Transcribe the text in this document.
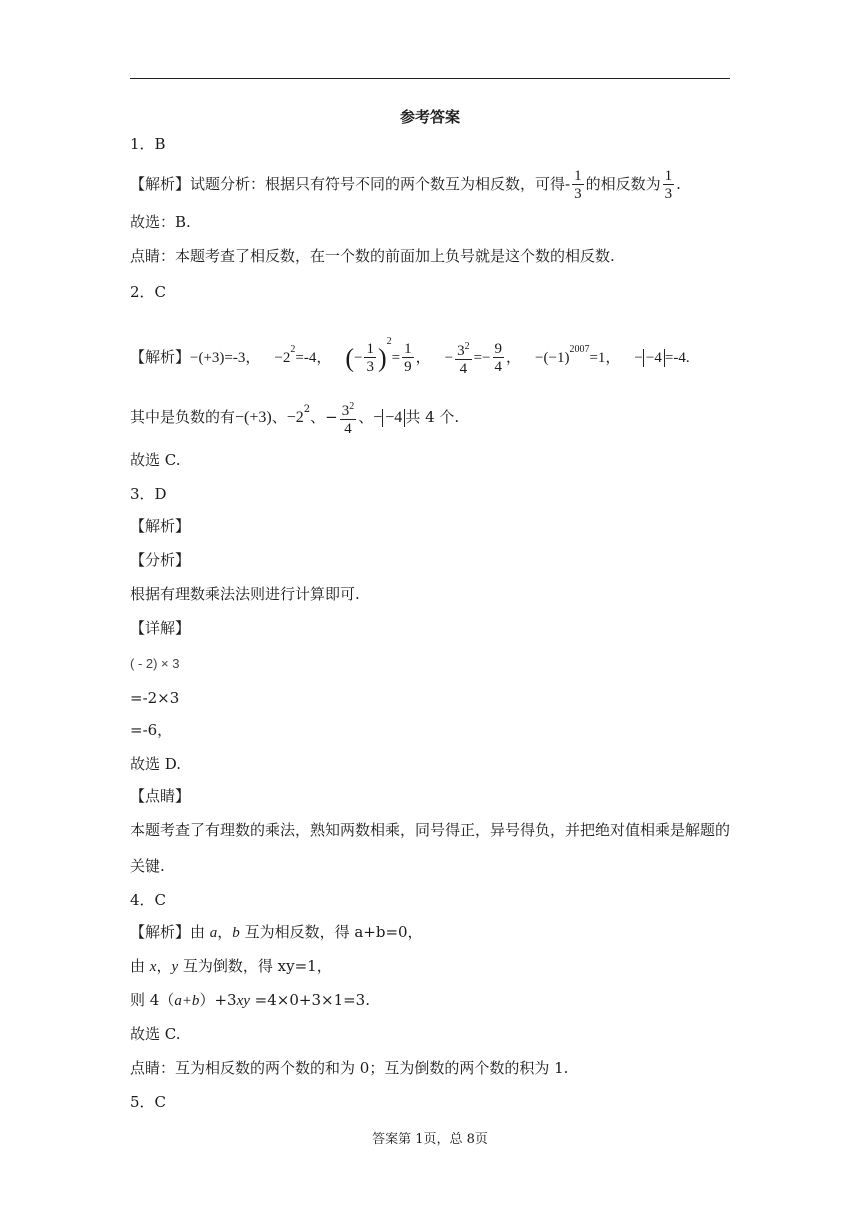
参考答案
1．B
【解析】试题分析：根据只有符号不同的两个数互为相反数，可得- $\frac{1}{3}$ 的相反数为 $\frac{1}{3}$ .
故选：B.
点睛：本题考查了相反数，在一个数的前面加上负号就是这个数的相反数.
2．C
【解析】−(+3)=-3， $-2^2=-4$， (− $\frac{1}{3} )^2= \frac{1}{9}$ ， − $\frac{3^2}{4} =- \frac{9}{4}$ ， $-(-1)^{2007}=1$， − −4 =-4.
其中是负数的有−(+3)、$-2^2$、− $\frac{3^2}{4}$ 、− −4 共 4 个.
故选 C.
3．D
【解析】
【分析】
根据有理数乘法法则进行计算即可.
【详解】
( - 2) × 3
=-2×3
=-6，
故选 D.
【点睛】
本题考查了有理数的乘法，熟知两数相乘，同号得正，异号得负，并把绝对值相乘是解题的
关键.
4．C
【解析】由 a，b 互为相反数，得 a+b=0，
由 x，y 互为倒数，得 xy=1，
则 4（a+b）+3xy =4×0+3×1=3.
故选 C.
点睛：互为相反数的两个数的和为 0；互为倒数的两个数的积为 1.
5．C
答案第 1页，总 8页
